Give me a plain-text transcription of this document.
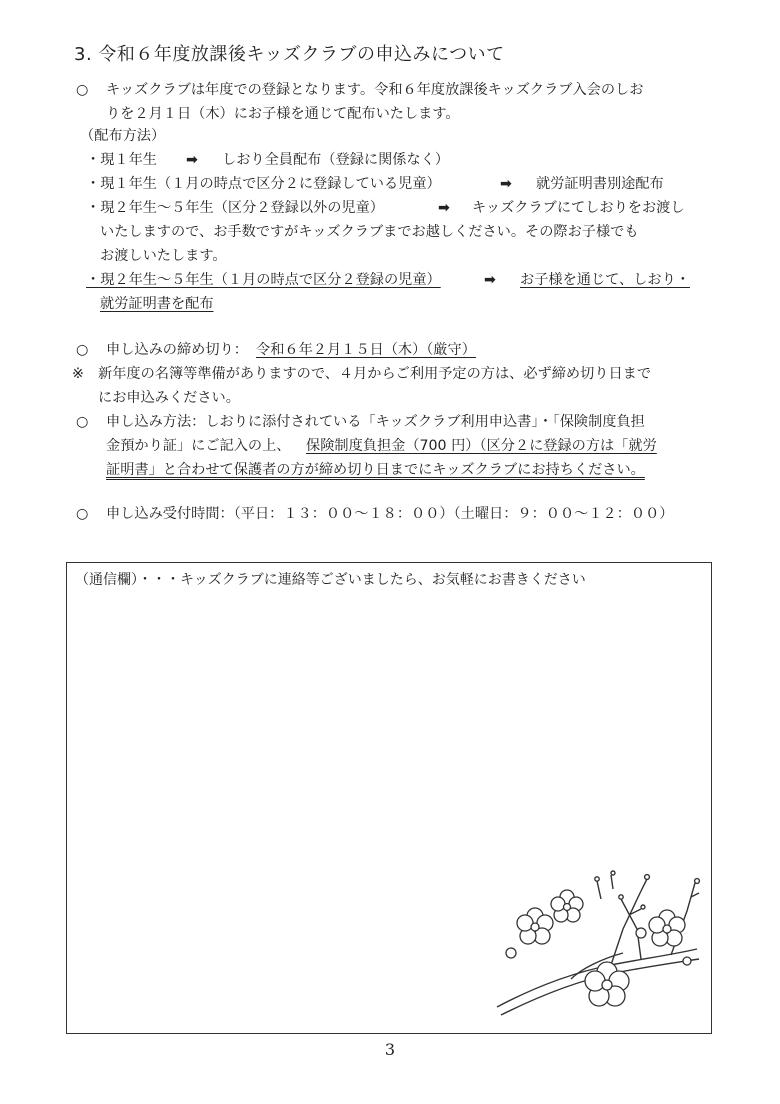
3. 令和６年度放課後キッズクラブの申込みについて
○ キッズクラブは年度での登録となります。令和６年度放課後キッズクラブ入会のしお
りを２月１日（木）にお子様を通じて配布いたします。
（配布方法）
・現１年生 ➡ しおり全員配布（登録に関係なく）
・現１年生（１月の時点で区分２に登録している児童）	➡ 就労証明書別途配布
・現２年生〜５年生（区分２登録以外の児童）	➡ キッズクラブにてしおりをお渡し
いたしますので、お手数ですがキッズクラブまでお越しください。その際お子様でも
お渡しいたします。
・現２年生〜５年生（１月の時点で区分２登録の児童）	➡ お子様を通じて、しおり・
就労証明書を配布
○ 申し込みの締め切り： 令和６年２月１５日（木）（厳守）
※ 新年度の名簿等準備がありますので、４月からご利用予定の方は、必ず締め切り日まで
にお申込みください。
○ 申し込み方法：しおりに添付されている「キッズクラブ利用申込書」・「保険制度負担
金預かり証」にご記入の上、 保険制度負担金（700 円）（区分２に登録の方は「就労
証明書」と合わせて保護者の方が締め切り日までにキッズクラブにお持ちください。
○ 申し込み受付時間：（平日：１３：００〜１８：００）（土曜日：９：００〜１２：００）
（通信欄）・・・キッズクラブに連絡等ございましたら、お気軽にお書きください
3
